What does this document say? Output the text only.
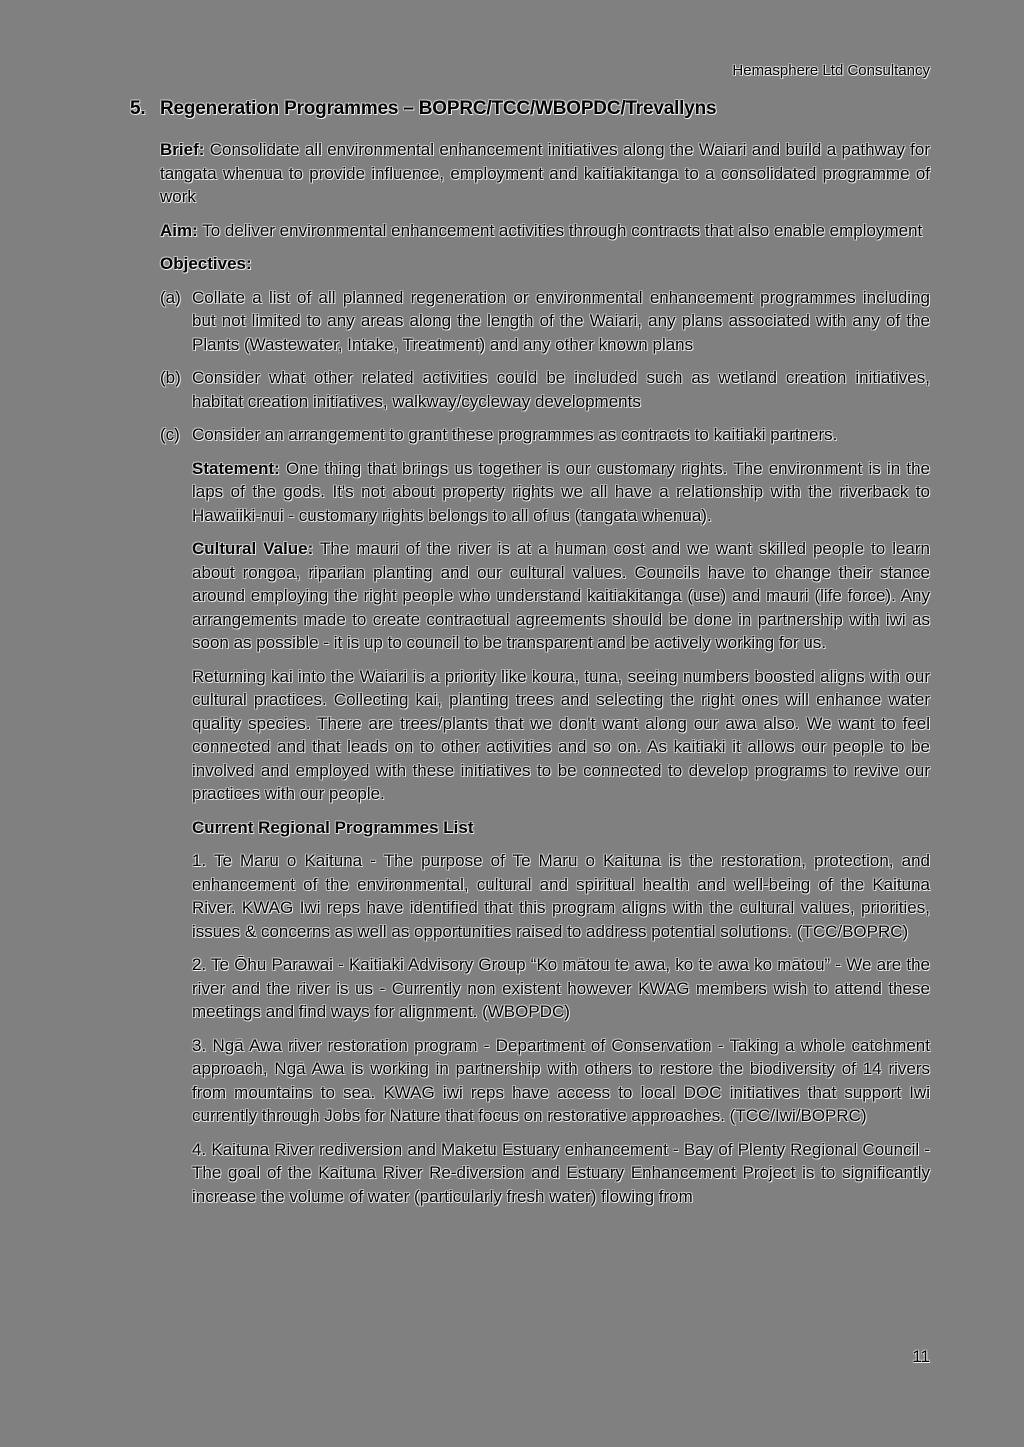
Hemasphere Ltd Consultancy
5. Regeneration Programmes – BOPRC/TCC/WBOPDC/Trevallyns

Brief: Consolidate all environmental enhancement initiatives along the Waiari and build a pathway for tangata whenua to provide influence, employment and kaitiakitanga to a consolidated programme of work

Aim: To deliver environmental enhancement activities through contracts that also enable employment

Objectives:

(a) Collate a list of all planned regeneration or environmental enhancement programmes including but not limited to any areas along the length of the Waiari, any plans associated with any of the Plants (Wastewater, Intake, Treatment) and any other known plans
(b) Consider what other related activities could be included such as wetland creation initiatives, habitat creation initiatives, walkway/cycleway developments
(c) Consider an arrangement to grant these programmes as contracts to kaitiaki partners.

Statement: One thing that brings us together is our customary rights. The environment is in the laps of the gods. It's not about property rights we all have a relationship with the riverback to Hawaiiki-nui - customary rights belongs to all of us (tangata whenua).

Cultural Value: The mauri of the river is at a human cost and we want skilled people to learn about rongoa, riparian planting and our cultural values. Councils have to change their stance around employing the right people who understand kaitiakitanga (use) and mauri (life force). Any arrangements made to create contractual agreements should be done in partnership with iwi as soon as possible - it is up to council to be transparent and be actively working for us.

Returning kai into the Waiari is a priority like koura, tuna, seeing numbers boosted aligns with our cultural practices. Collecting kai, planting trees and selecting the right ones will enhance water quality species. There are trees/plants that we don't want along our awa also. We want to feel connected and that leads on to other activities and so on. As kaitiaki it allows our people to be involved and employed with these initiatives to be connected to develop programs to revive our practices with our people.

Current Regional Programmes List

1. Te Maru o Kaituna - The purpose of Te Maru o Kaituna is the restoration, protection, and enhancement of the environmental, cultural and spiritual health and well-being of the Kaituna River. KWAG Iwi reps have identified that this program aligns with the cultural values, priorities, issues & concerns as well as opportunities raised to address potential solutions. (TCC/BOPRC)

2. Te Ōhu Parawai - Kaitiaki Advisory Group “Ko mātou te awa, ko te awa ko mātou” - We are the river and the river is us - Currently non existent however KWAG members wish to attend these meetings and find ways for alignment. (WBOPDC)

3. Ngā Awa river restoration program - Department of Conservation - Taking a whole catchment approach, Ngā Awa is working in partnership with others to restore the biodiversity of 14 rivers from mountains to sea. KWAG iwi reps have access to local DOC initiatives that support Iwi currently through Jobs for Nature that focus on restorative approaches. (TCC/Iwi/BOPRC)

4. Kaituna River rediversion and Maketu Estuary enhancement - Bay of Plenty Regional Council - The goal of the Kaituna River Re-diversion and Estuary Enhancement Project is to significantly increase the volume of water (particularly fresh water) flowing from

11
